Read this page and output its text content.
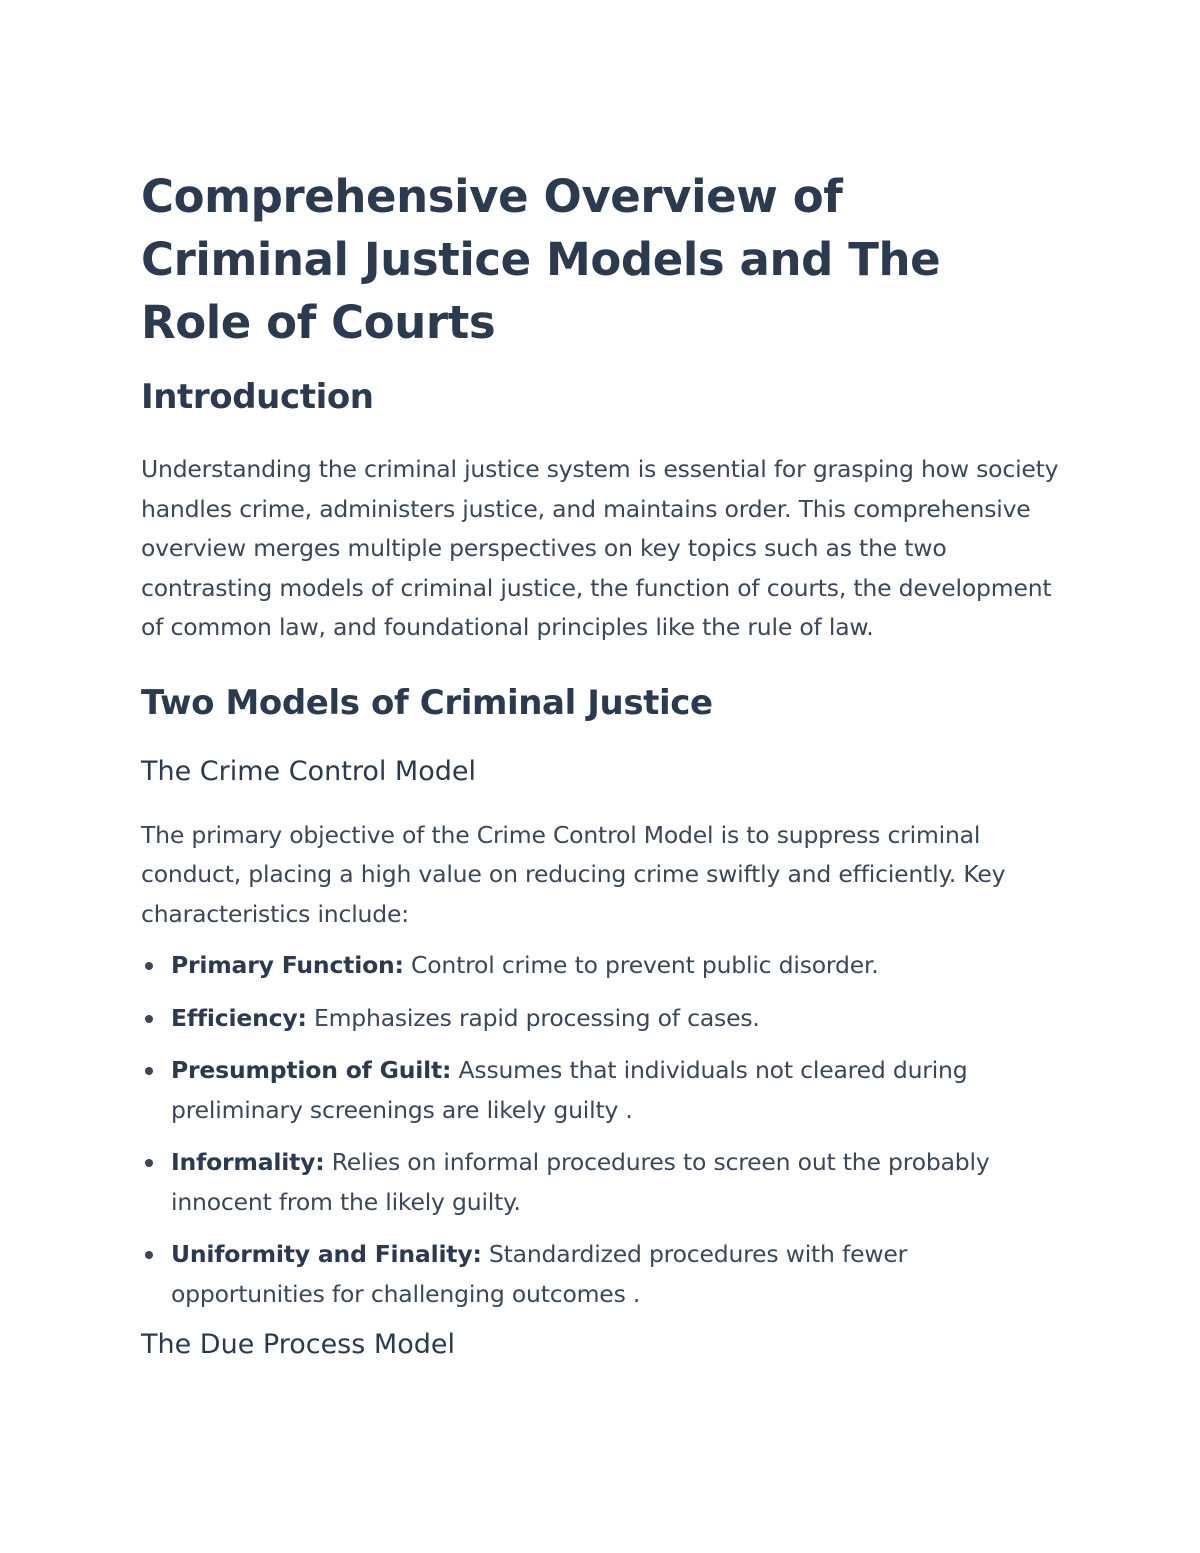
Comprehensive Overview of Criminal Justice Models and The Role of Courts
Introduction

Understanding the criminal justice system is essential for grasping how society handles crime, administers justice, and maintains order. This comprehensive overview merges multiple perspectives on key topics such as the two contrasting models of criminal justice, the function of courts, the development of common law, and foundational principles like the rule of law.

Two Models of Criminal Justice
The Crime Control Model

The primary objective of the Crime Control Model is to suppress criminal conduct, placing a high value on reducing crime swiftly and efficiently. Key characteristics include:

Primary Function: Control crime to prevent public disorder.
Efficiency: Emphasizes rapid processing of cases.
Presumption of Guilt: Assumes that individuals not cleared during preliminary screenings are likely guilty .
Informality: Relies on informal procedures to screen out the probably innocent from the likely guilty.
Uniformity and Finality: Standardized procedures with fewer opportunities for challenging outcomes .
The Due Process Model
